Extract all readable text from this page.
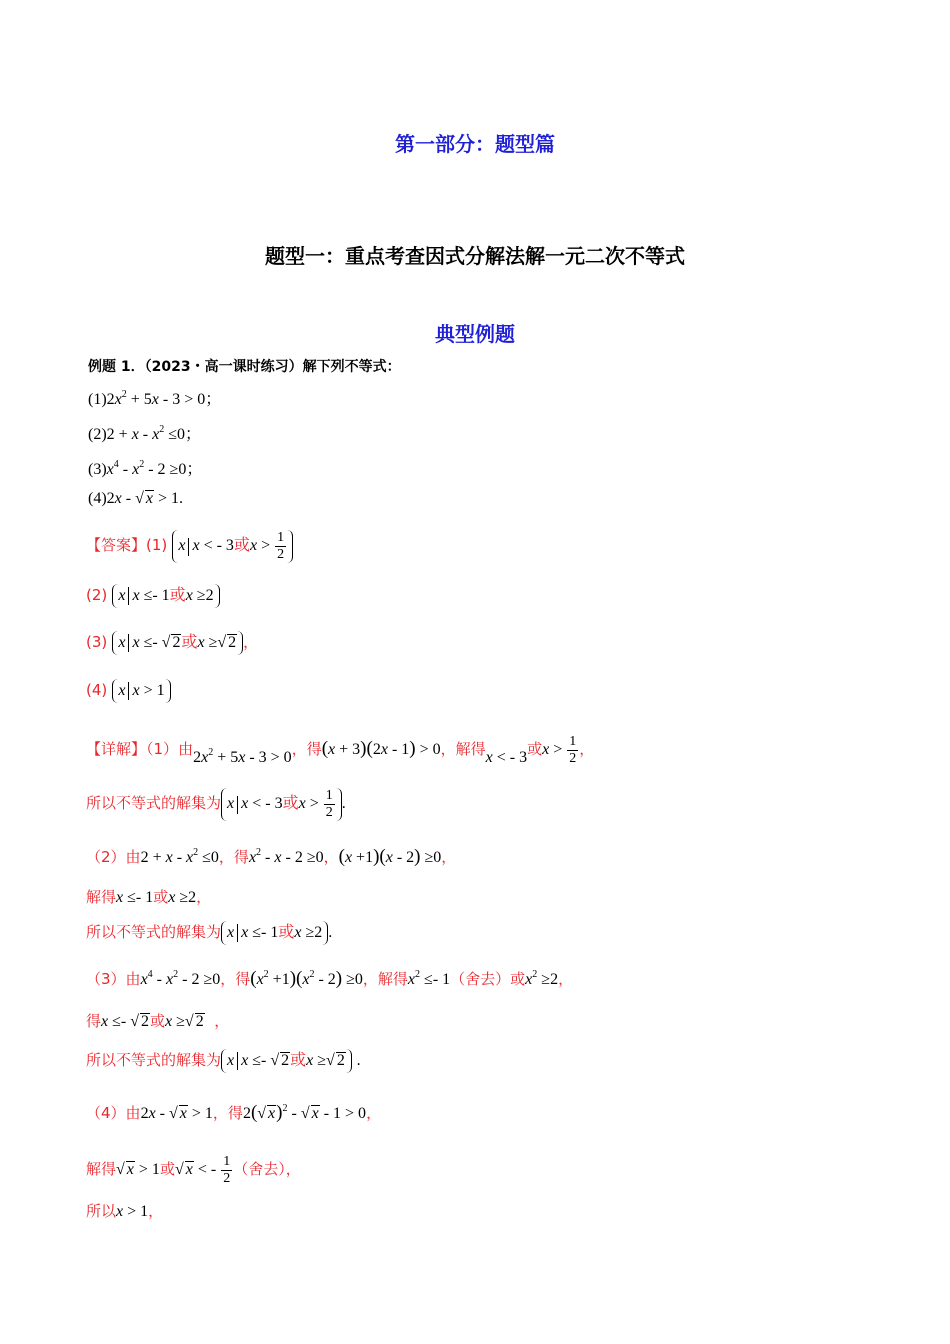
第一部分：题型篇
题型一：重点考查因式分解法解一元二次不等式
典型例题
例题 1．（2023・高一课时练习）解下列不等式：
$(1)2x^2 + 5x - 3 > 0$；
$(2)2 + x - x^2 \le 0$；
$(3)x^4 - x^2 - 2 \ge 0$；
(4)2x - √ x > 1.
【答案】(1) x x < - 3或$x > \frac{1}{2}$
(2) x x ≤- 1或x ≥2
(3) x x ≤- √ 2或x ≥√ 2 ，
(4) x x > 1
【详解】（1）由$2x^2 + 5x - 3 > 0$，得(x + 3)(2x - 1) > 0，解得x < - 3或$x > \frac{1}{2}$ ，
所以不等式的解集为 x x < - 3或$x > \frac{1}{2}$ .
（2）由$2 + x - x^2 \le 0$，得$x^2 - x - 2 \ge 0$，(x +1)(x - 2) ≥0，
解得x ≤- 1或x ≥2，
所以不等式的解集为 x x ≤- 1或x ≥2 .
（3）由$x^4 - x^2 - 2 \ge 0$，得$(x^2 +1)(x^2 - 2) \ge 0$，解得$x^2 \le- 1$（舍去）或$x^2 \ge 2$，
得x ≤- √ 2或x ≥√ 2 ，
所以不等式的解集为 x x ≤- √ 2或x ≥√ 2 .
（4）由2x - √ x > 1，得2(√ x)$^2$ - √ x - 1 > 0，
解得√ x > 1或√ x < - $\frac{1}{2}$ （舍去），
所以x > 1，
